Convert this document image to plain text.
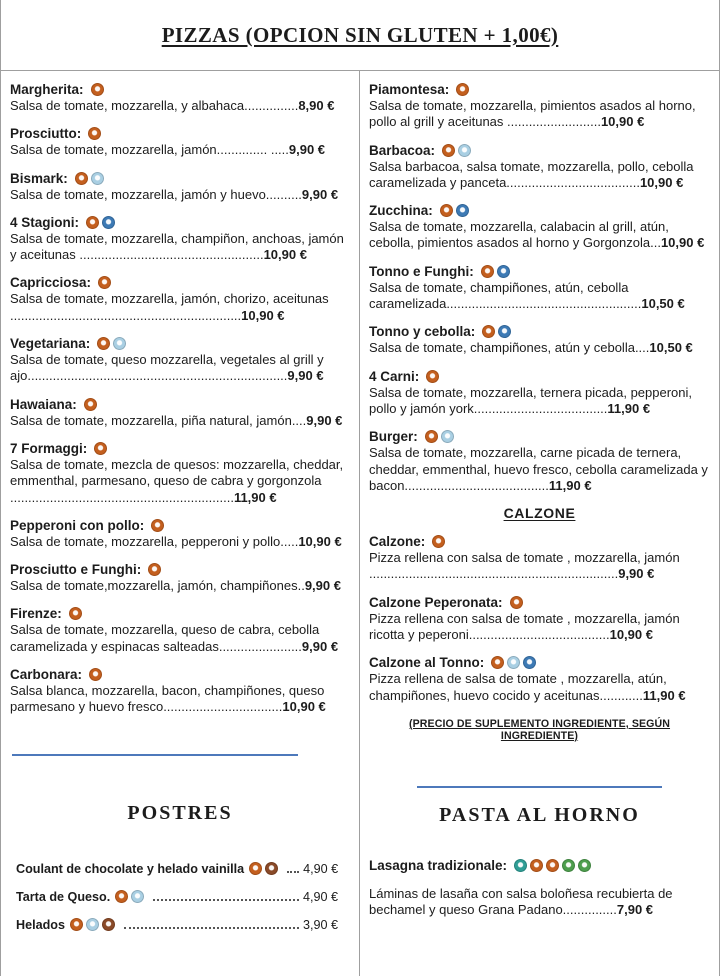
PIZZAS (OPCION SIN GLUTEN + 1,00€)
Margherita:
Salsa de tomate, mozzarella, y albahaca...............8,90 €
Prosciutto:
Salsa de tomate, mozzarella, jamón.............. .....9,90 €
Bismark:
Salsa de tomate, mozzarella, jamón y huevo..........9,90 €
4 Stagioni:
Salsa de tomate, mozzarella, champiñon, anchoas, jamón y aceitunas ...................................................10,90 €
Capricciosa:
Salsa de tomate, mozzarella, jamón, chorizo, aceitunas ................................................................10,90 €
Vegetariana:
Salsa de tomate, queso mozzarella, vegetales al grill y ajo........................................................................9,90 €
Hawaiana:
Salsa de tomate, mozzarella, piña natural, jamón....9,90 €
7 Formaggi:
Salsa de tomate, mezcla de quesos: mozzarella, cheddar, emmenthal, parmesano, queso de cabra y gorgonzola ..............................................................11,90 €
Pepperoni con pollo:
Salsa de tomate, mozzarella, pepperoni y pollo.....10,90 €
Prosciutto e Funghi:
Salsa de tomate,mozzarella, jamón, champiñones..9,90 €
Firenze:
Salsa de tomate, mozzarella, queso de cabra, cebolla caramelizada y espinacas salteadas.......................9,90 €
Carbonara:
Salsa blanca, mozzarella, bacon, champiñones, queso parmesano y huevo fresco.................................10,90 €
POSTRES
Coulant de chocolate y helado vainilla	4,90 €
Tarta de Queso.	4,90 €
Helados	3,90 €
Piamontesa:
Salsa de tomate, mozzarella, pimientos asados al horno, pollo al grill y aceitunas ..........................10,90 €
Barbacoa:
Salsa barbacoa, salsa tomate, mozzarella, pollo, cebolla caramelizada y panceta.....................................10,90 €
Zucchina:
Salsa de tomate, mozzarella, calabacin al grill, atún, cebolla, pimientos asados al horno y Gorgonzola...10,90 €
Tonno e Funghi:
Salsa de tomate, champiñones, atún, cebolla caramelizada......................................................10,50 €
Tonno y cebolla:
Salsa de tomate, champiñones, atún y cebolla....10,50 €
4 Carni:
Salsa de tomate, mozzarella, ternera picada, pepperoni, pollo y jamón york.....................................11,90 €
Burger:
Salsa de tomate, mozzarella, carne picada de ternera, cheddar, emmenthal, huevo fresco, cebolla caramelizada y bacon........................................11,90 €
CALZONE
Calzone:
Pizza rellena con salsa de tomate , mozzarella, jamón .....................................................................9,90 €
Calzone Peperonata:
Pizza rellena con salsa de tomate , mozzarella, jamón ricotta y peperoni.......................................10,90 €
Calzone al Tonno:
Pizza rellena de salsa de tomate , mozzarella, atún, champiñones, huevo cocido y aceitunas............11,90 €
(PRECIO DE SUPLEMENTO INGREDIENTE, SEGÚN INGREDIENTE)
PASTA AL HORNO
Lasagna tradizionale:
Láminas de lasaña con salsa boloñesa recubierta de bechamel y queso Grana Padano...............7,90 €
